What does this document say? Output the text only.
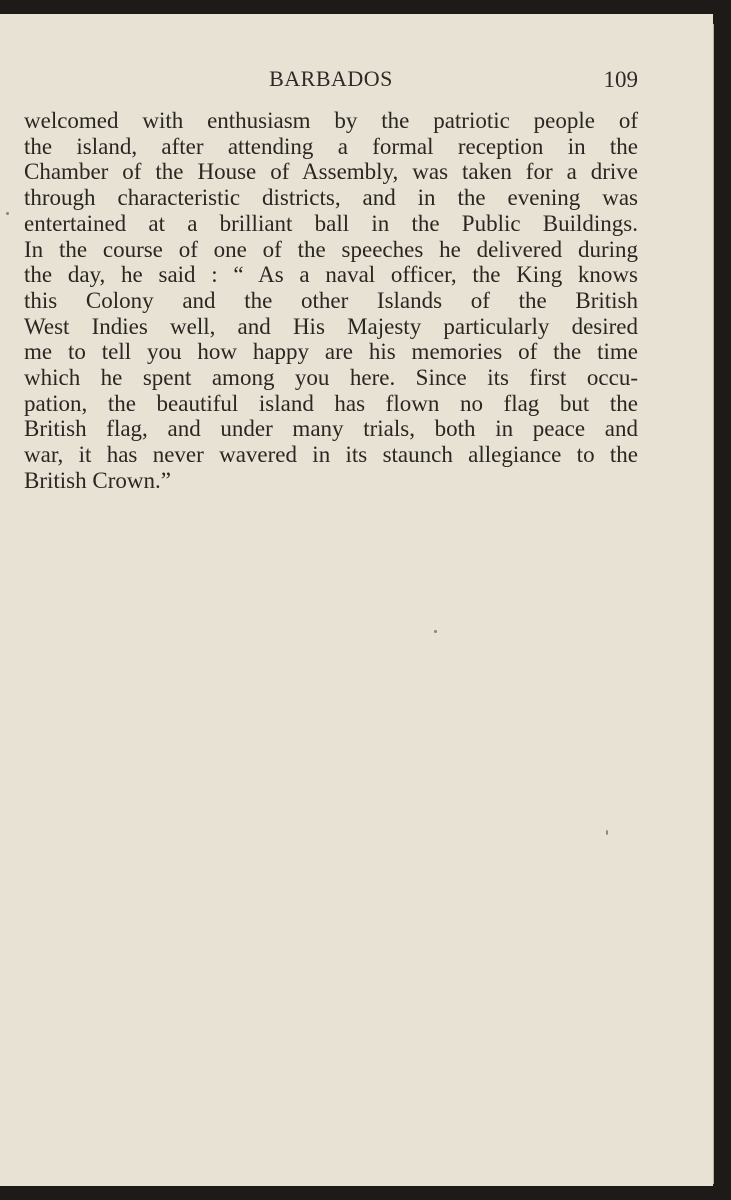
BARBADOS	109
welcomed with enthusiasm by the patriotic people of
the island, after attending a formal reception in the
Chamber of the House of Assembly, was taken for a drive
through characteristic districts, and in the evening was
entertained at a brilliant ball in the Public Buildings.
In the course of one of the speeches he delivered during
the day, he said : “ As a naval officer, the King knows
this Colony and the other Islands of the British
West Indies well, and His Majesty particularly desired
me to tell you how happy are his memories of the time
which he spent among you here. Since its first occu-
pation, the beautiful island has flown no flag but the
British flag, and under many trials, both in peace and
war, it has never wavered in its staunch allegiance to the
British Crown.”
